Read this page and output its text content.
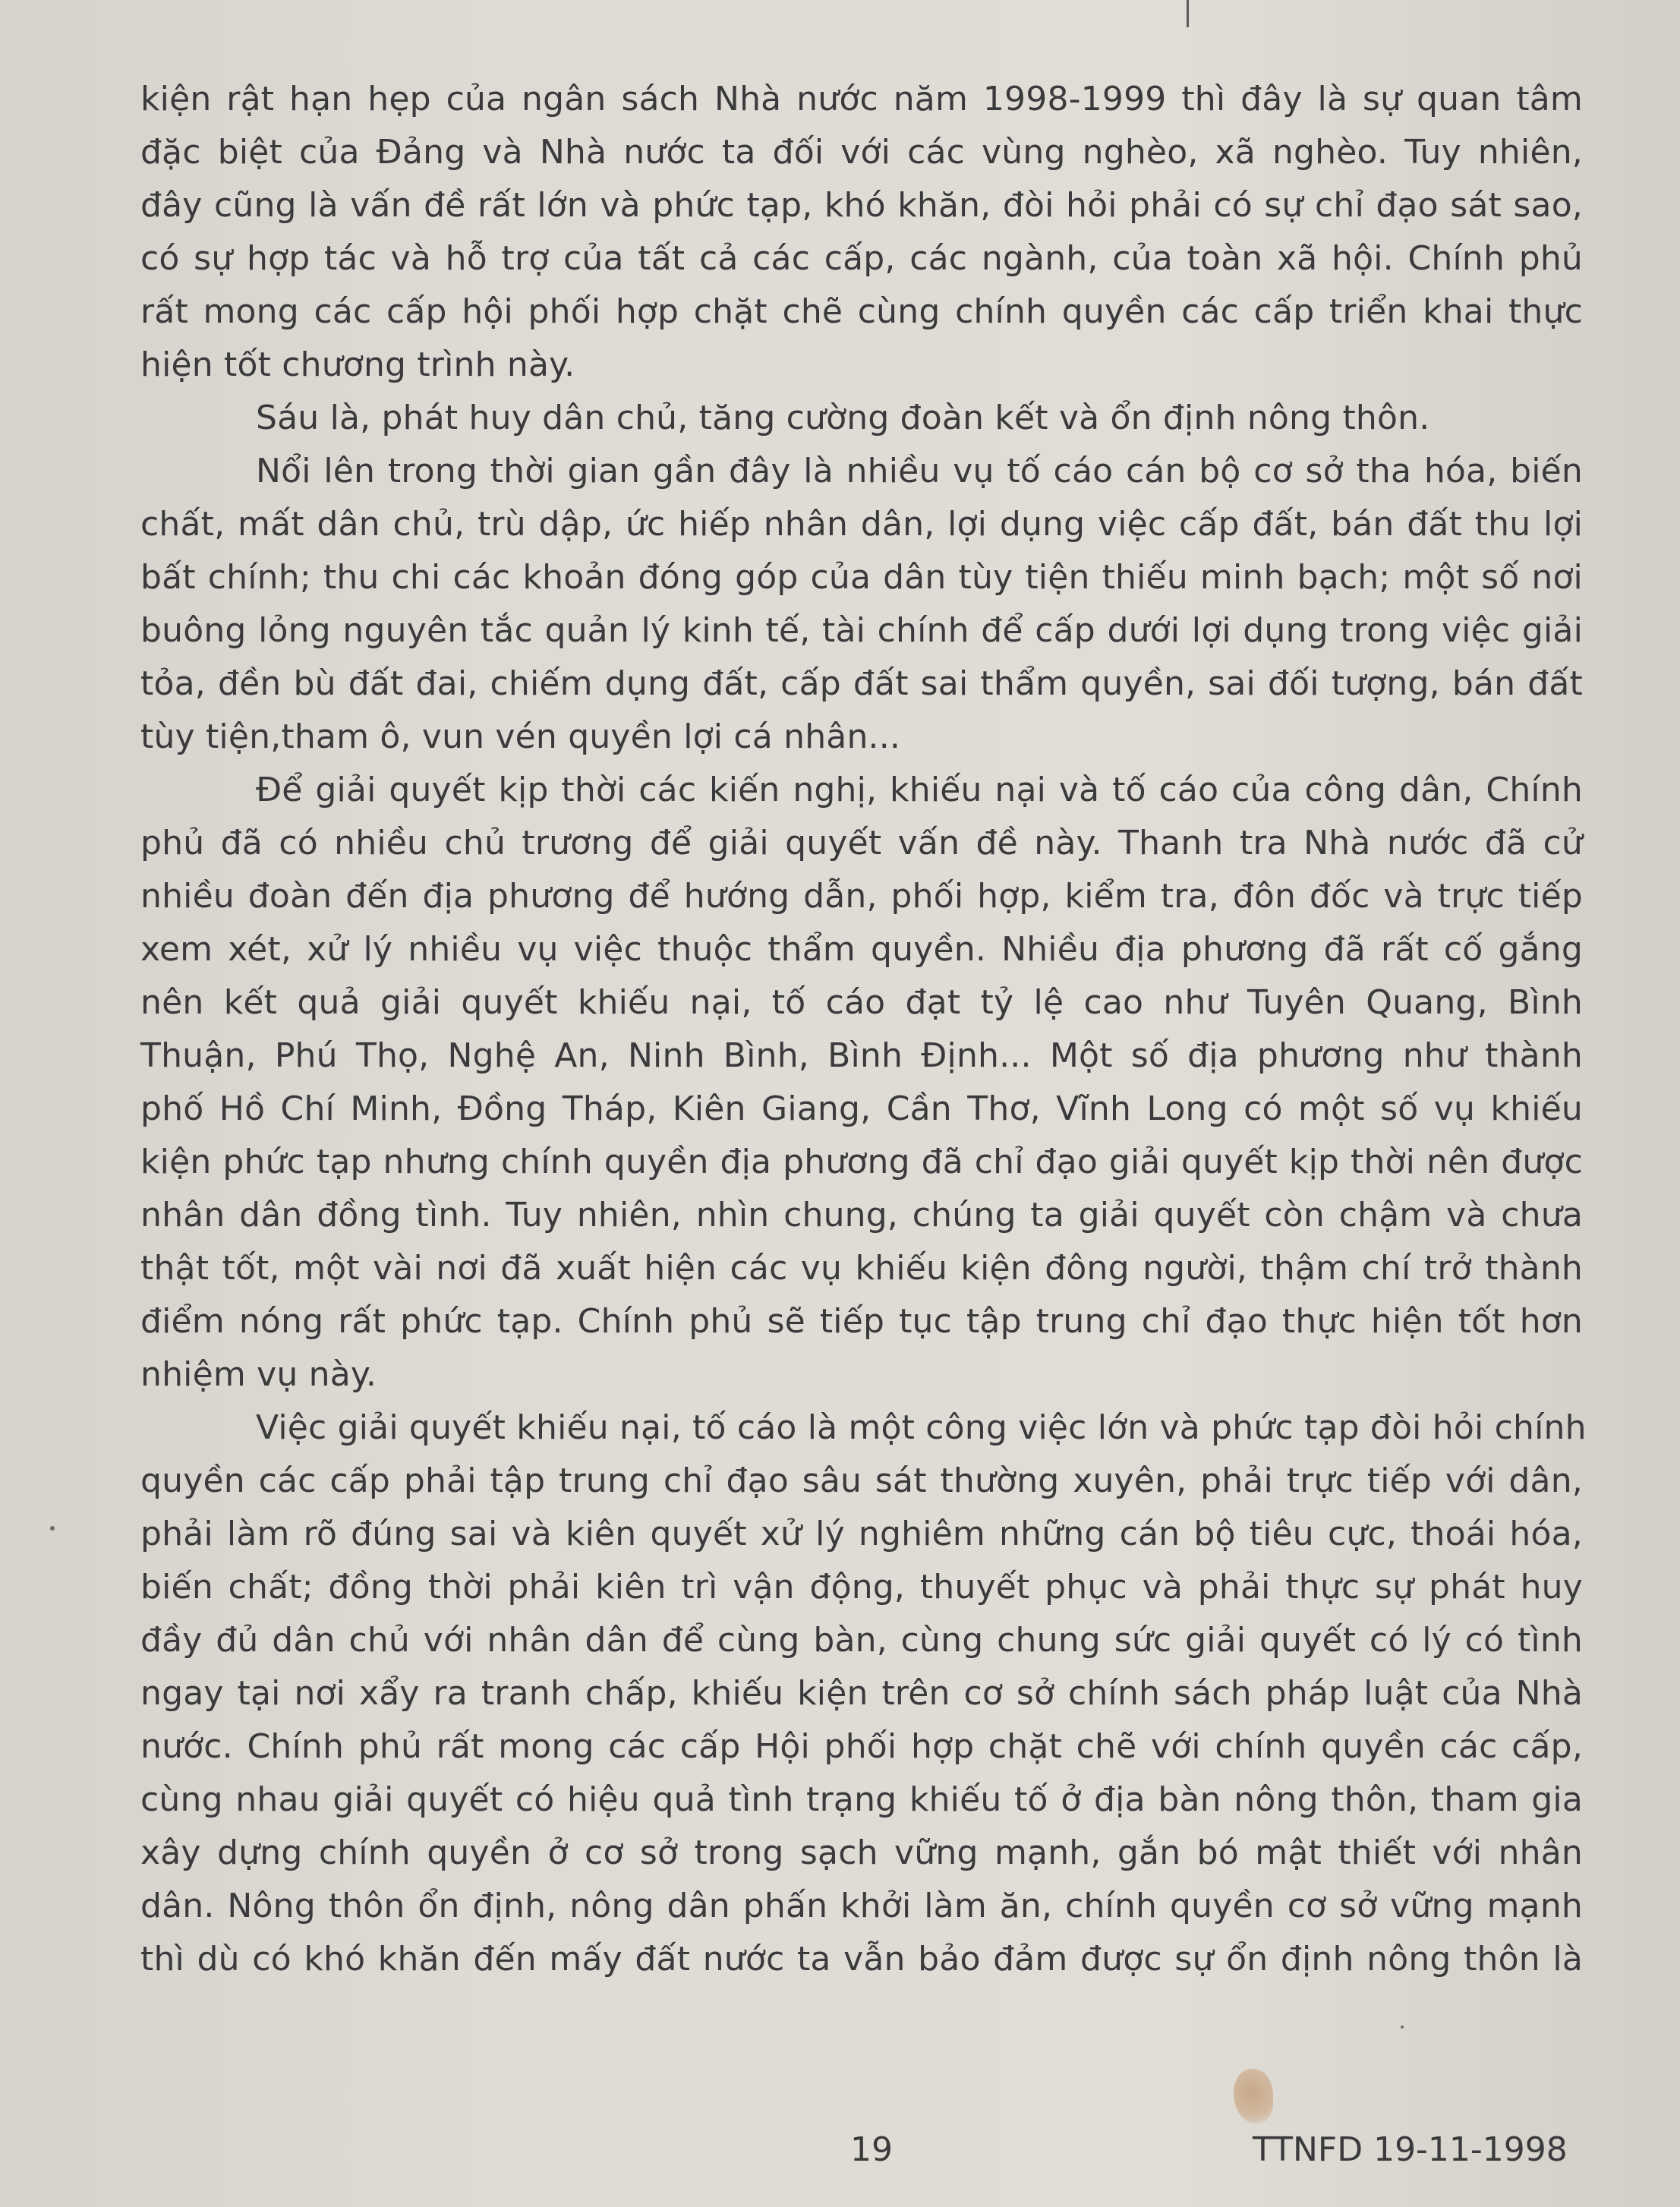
kiện rật hạn hẹp của ngân sách Nhà nước năm 1998-1999 thì đây là sự quan tâm
đặc biệt của Đảng và Nhà nước ta đối với các vùng nghèo, xã nghèo. Tuy nhiên,
đây cũng là vấn đề rất lớn và phức tạp, khó khăn, đòi hỏi phải có sự chỉ đạo sát sao,
có sự hợp tác và hỗ trợ của tất cả các cấp, các ngành, của toàn xã hội. Chính phủ
rất mong các cấp hội phối hợp chặt chẽ cùng chính quyền các cấp triển khai thực
hiện tốt chương trình này.
Sáu là, phát huy dân chủ, tăng cường đoàn kết và ổn định nông thôn.
Nổi lên trong thời gian gần đây là nhiều vụ tố cáo cán bộ cơ sở tha hóa, biến
chất, mất dân chủ, trù dập, ức hiếp nhân dân, lợi dụng việc cấp đất, bán đất thu lợi
bất chính; thu chi các khoản đóng góp của dân tùy tiện thiếu minh bạch; một số nơi
buông lỏng nguyên tắc quản lý kinh tế, tài chính để cấp dưới lợi dụng trong việc giải
tỏa, đền bù đất đai, chiếm dụng đất, cấp đất sai thẩm quyền, sai đối tượng, bán đất
tùy tiện,tham ô, vun vén quyền lợi cá nhân...
Để giải quyết kịp thời các kiến nghị, khiếu nại và tố cáo của công dân, Chính
phủ đã có nhiều chủ trương để giải quyết vấn đề này. Thanh tra Nhà nước đã cử
nhiều đoàn đến địa phương để hướng dẫn, phối hợp, kiểm tra, đôn đốc và trực tiếp
xem xét, xử lý nhiều vụ việc thuộc thẩm quyền. Nhiều địa phương đã rất cố gắng
nên kết quả giải quyết khiếu nại, tố cáo đạt tỷ lệ cao như Tuyên Quang, Bình
Thuận, Phú Thọ, Nghệ An, Ninh Bình, Bình Định... Một số địa phương như thành
phố Hồ Chí Minh, Đồng Tháp, Kiên Giang, Cần Thơ, Vĩnh Long có một số vụ khiếu
kiện phức tạp nhưng chính quyền địa phương đã chỉ đạo giải quyết kịp thời nên được
nhân dân đồng tình. Tuy nhiên, nhìn chung, chúng ta giải quyết còn chậm và chưa
thật tốt, một vài nơi đã xuất hiện các vụ khiếu kiện đông người, thậm chí trở thành
điểm nóng rất phức tạp. Chính phủ sẽ tiếp tục tập trung chỉ đạo thực hiện tốt hơn
nhiệm vụ này.
Việc giải quyết khiếu nại, tố cáo là một công việc lớn và phức tạp đòi hỏi chính
quyền các cấp phải tập trung chỉ đạo sâu sát thường xuyên, phải trực tiếp với dân,
phải làm rõ đúng sai và kiên quyết xử lý nghiêm những cán bộ tiêu cực, thoái hóa,
biến chất; đồng thời phải kiên trì vận động, thuyết phục và phải thực sự phát huy
đầy đủ dân chủ với nhân dân để cùng bàn, cùng chung sức giải quyết có lý có tình
ngay tại nơi xẩy ra tranh chấp, khiếu kiện trên cơ sở chính sách pháp luật của Nhà
nước. Chính phủ rất mong các cấp Hội phối hợp chặt chẽ với chính quyền các cấp,
cùng nhau giải quyết có hiệu quả tình trạng khiếu tố ở địa bàn nông thôn, tham gia
xây dựng chính quyền ở cơ sở trong sạch vững mạnh, gắn bó mật thiết với nhân
dân. Nông thôn ổn định, nông dân phấn khởi làm ăn, chính quyền cơ sở vững mạnh
thì dù có khó khăn đến mấy đất nước ta vẫn bảo đảm được sự ổn định nông thôn là
19	TTNFD 19-11-1998
